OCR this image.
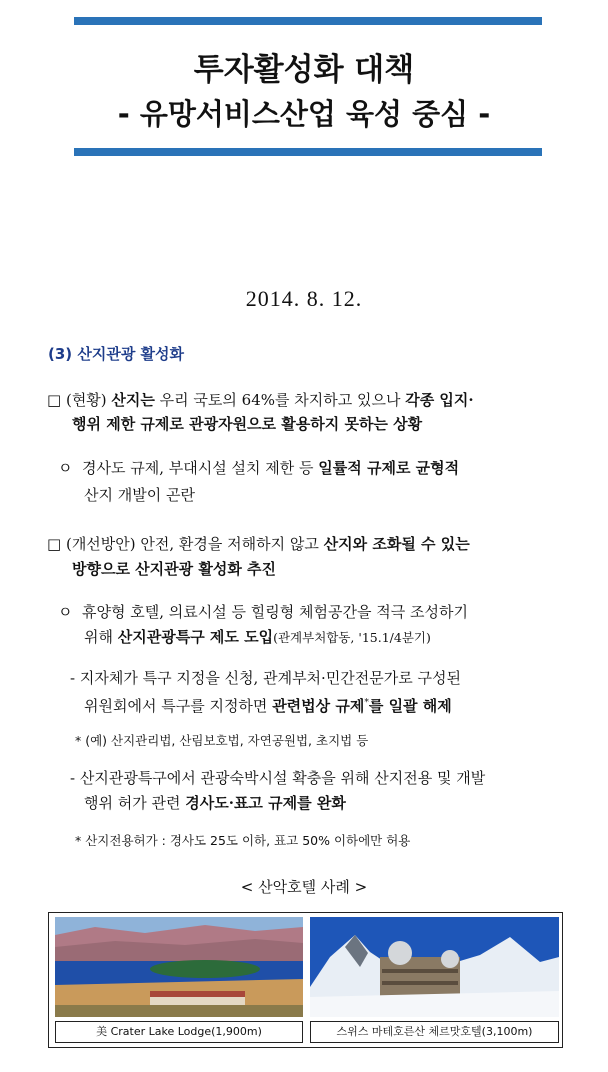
투자활성화 대책
- 유망서비스산업 육성 중심 -
2014. 8. 12.
(3) 산지관광 활성화
□ (현황) 산지는 우리 국토의 64%를 차지하고 있으나 각종 입지·
행위 제한 규제로 관광자원으로 활용하지 못하는 상황
ㅇ 경사도 규제, 부대시설 설치 제한 등 일률적 규제로 균형적
산지 개발이 곤란
□ (개선방안) 안전, 환경을 저해하지 않고 산지와 조화될 수 있는
방향으로 산지관광 활성화 추진
ㅇ 휴양형 호텔, 의료시설 등 힐링형 체험공간을 적극 조성하기
위해 산지관광특구 제도 도입(관계부처합동, '15.1/4분기)
- 지자체가 특구 지정을 신청, 관계부처·민간전문가로 구성된
위원회에서 특구를 지정하면 관련법상 규제*를 일괄 해제
* (예) 산지관리법, 산림보호법, 자연공원법, 초지법 등
- 산지관광특구에서 관광숙박시설 확충을 위해 산지전용 및 개발
행위 허가 관련 경사도·표고 규제를 완화
* 산지전용허가 : 경사도 25도 이하, 표고 50% 이하에만 허용
< 산악호텔 사례 >
美 Crater Lake Lodge(1,900m)	스위스 마테호른산 체르맛호텔(3,100m)
